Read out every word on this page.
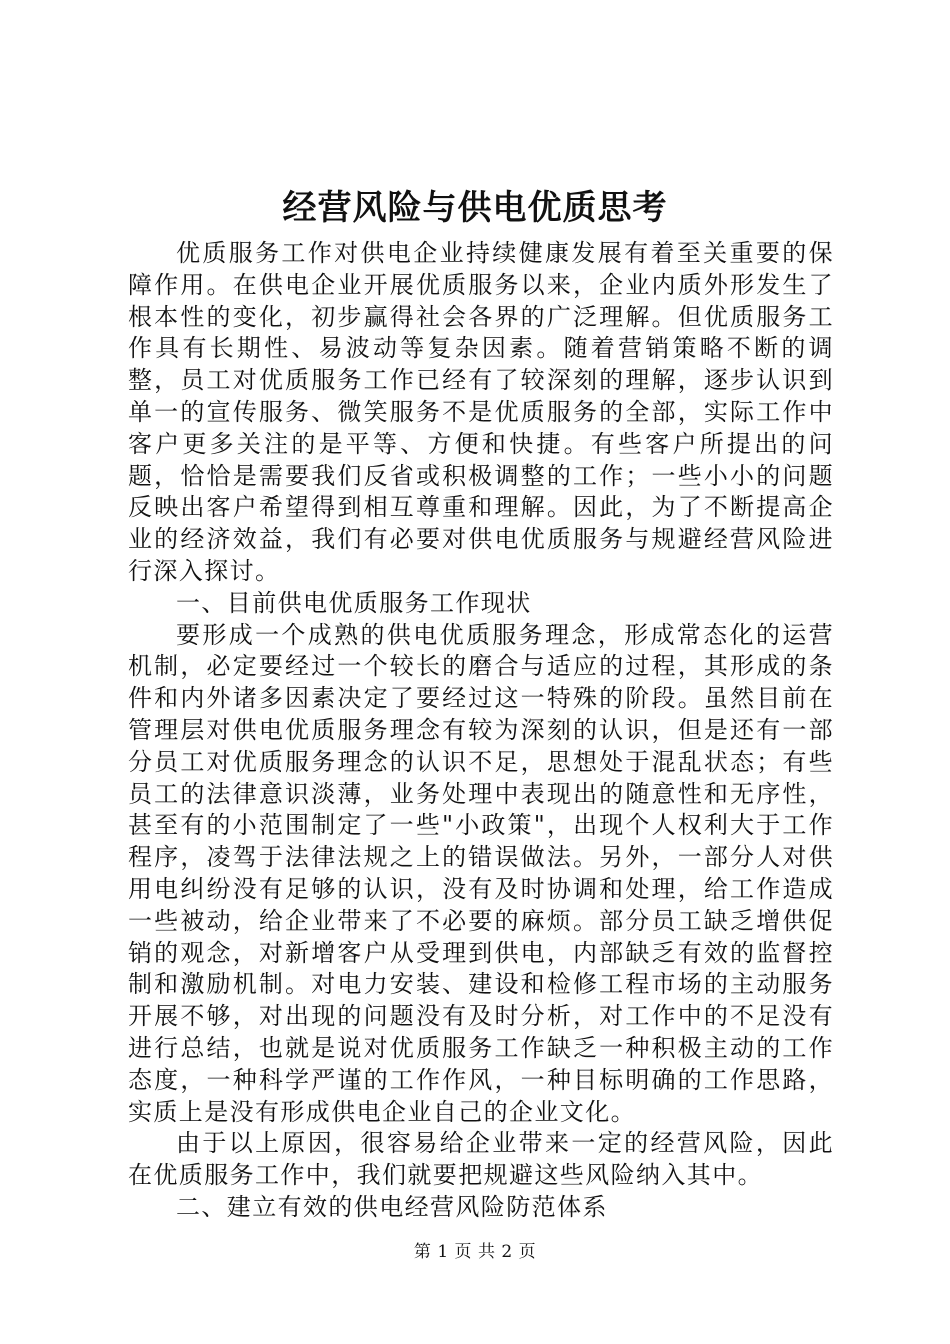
经营风险与供电优质思考

优质服务工作对供电企业持续健康发展有着至关重要的保障作用。在供电企业开展优质服务以来，企业内质外形发生了根本性的变化，初步赢得社会各界的广泛理解。但优质服务工作具有长期性、易波动等复杂因素。随着营销策略不断的调整，员工对优质服务工作已经有了较深刻的理解，逐步认识到单一的宣传服务、微笑服务不是优质服务的全部，实际工作中客户更多关注的是平等、方便和快捷。有些客户所提出的问题，恰恰是需要我们反省或积极调整的工作；一些小小的问题反映出客户希望得到相互尊重和理解。因此，为了不断提高企业的经济效益，我们有必要对供电优质服务与规避经营风险进行深入探讨。

一、目前供电优质服务工作现状

要形成一个成熟的供电优质服务理念，形成常态化的运营机制，必定要经过一个较长的磨合与适应的过程，其形成的条件和内外诸多因素决定了要经过这一特殊的阶段。虽然目前在管理层对供电优质服务理念有较为深刻的认识，但是还有一部分员工对优质服务理念的认识不足，思想处于混乱状态；有些员工的法律意识淡薄，业务处理中表现出的随意性和无序性，甚至有的小范围制定了一些"小政策"，出现个人权利大于工作程序，凌驾于法律法规之上的错误做法。另外，一部分人对供用电纠纷没有足够的认识，没有及时协调和处理，给工作造成一些被动，给企业带来了不必要的麻烦。部分员工缺乏增供促销的观念，对新增客户从受理到供电，内部缺乏有效的监督控制和激励机制。对电力安装、建设和检修工程市场的主动服务开展不够，对出现的问题没有及时分析，对工作中的不足没有进行总结，也就是说对优质服务工作缺乏一种积极主动的工作态度，一种科学严谨的工作作风，一种目标明确的工作思路，实质上是没有形成供电企业自己的企业文化。

由于以上原因，很容易给企业带来一定的经营风险，因此在优质服务工作中，我们就要把规避这些风险纳入其中。

二、建立有效的供电经营风险防范体系

第 1 页 共 2 页
